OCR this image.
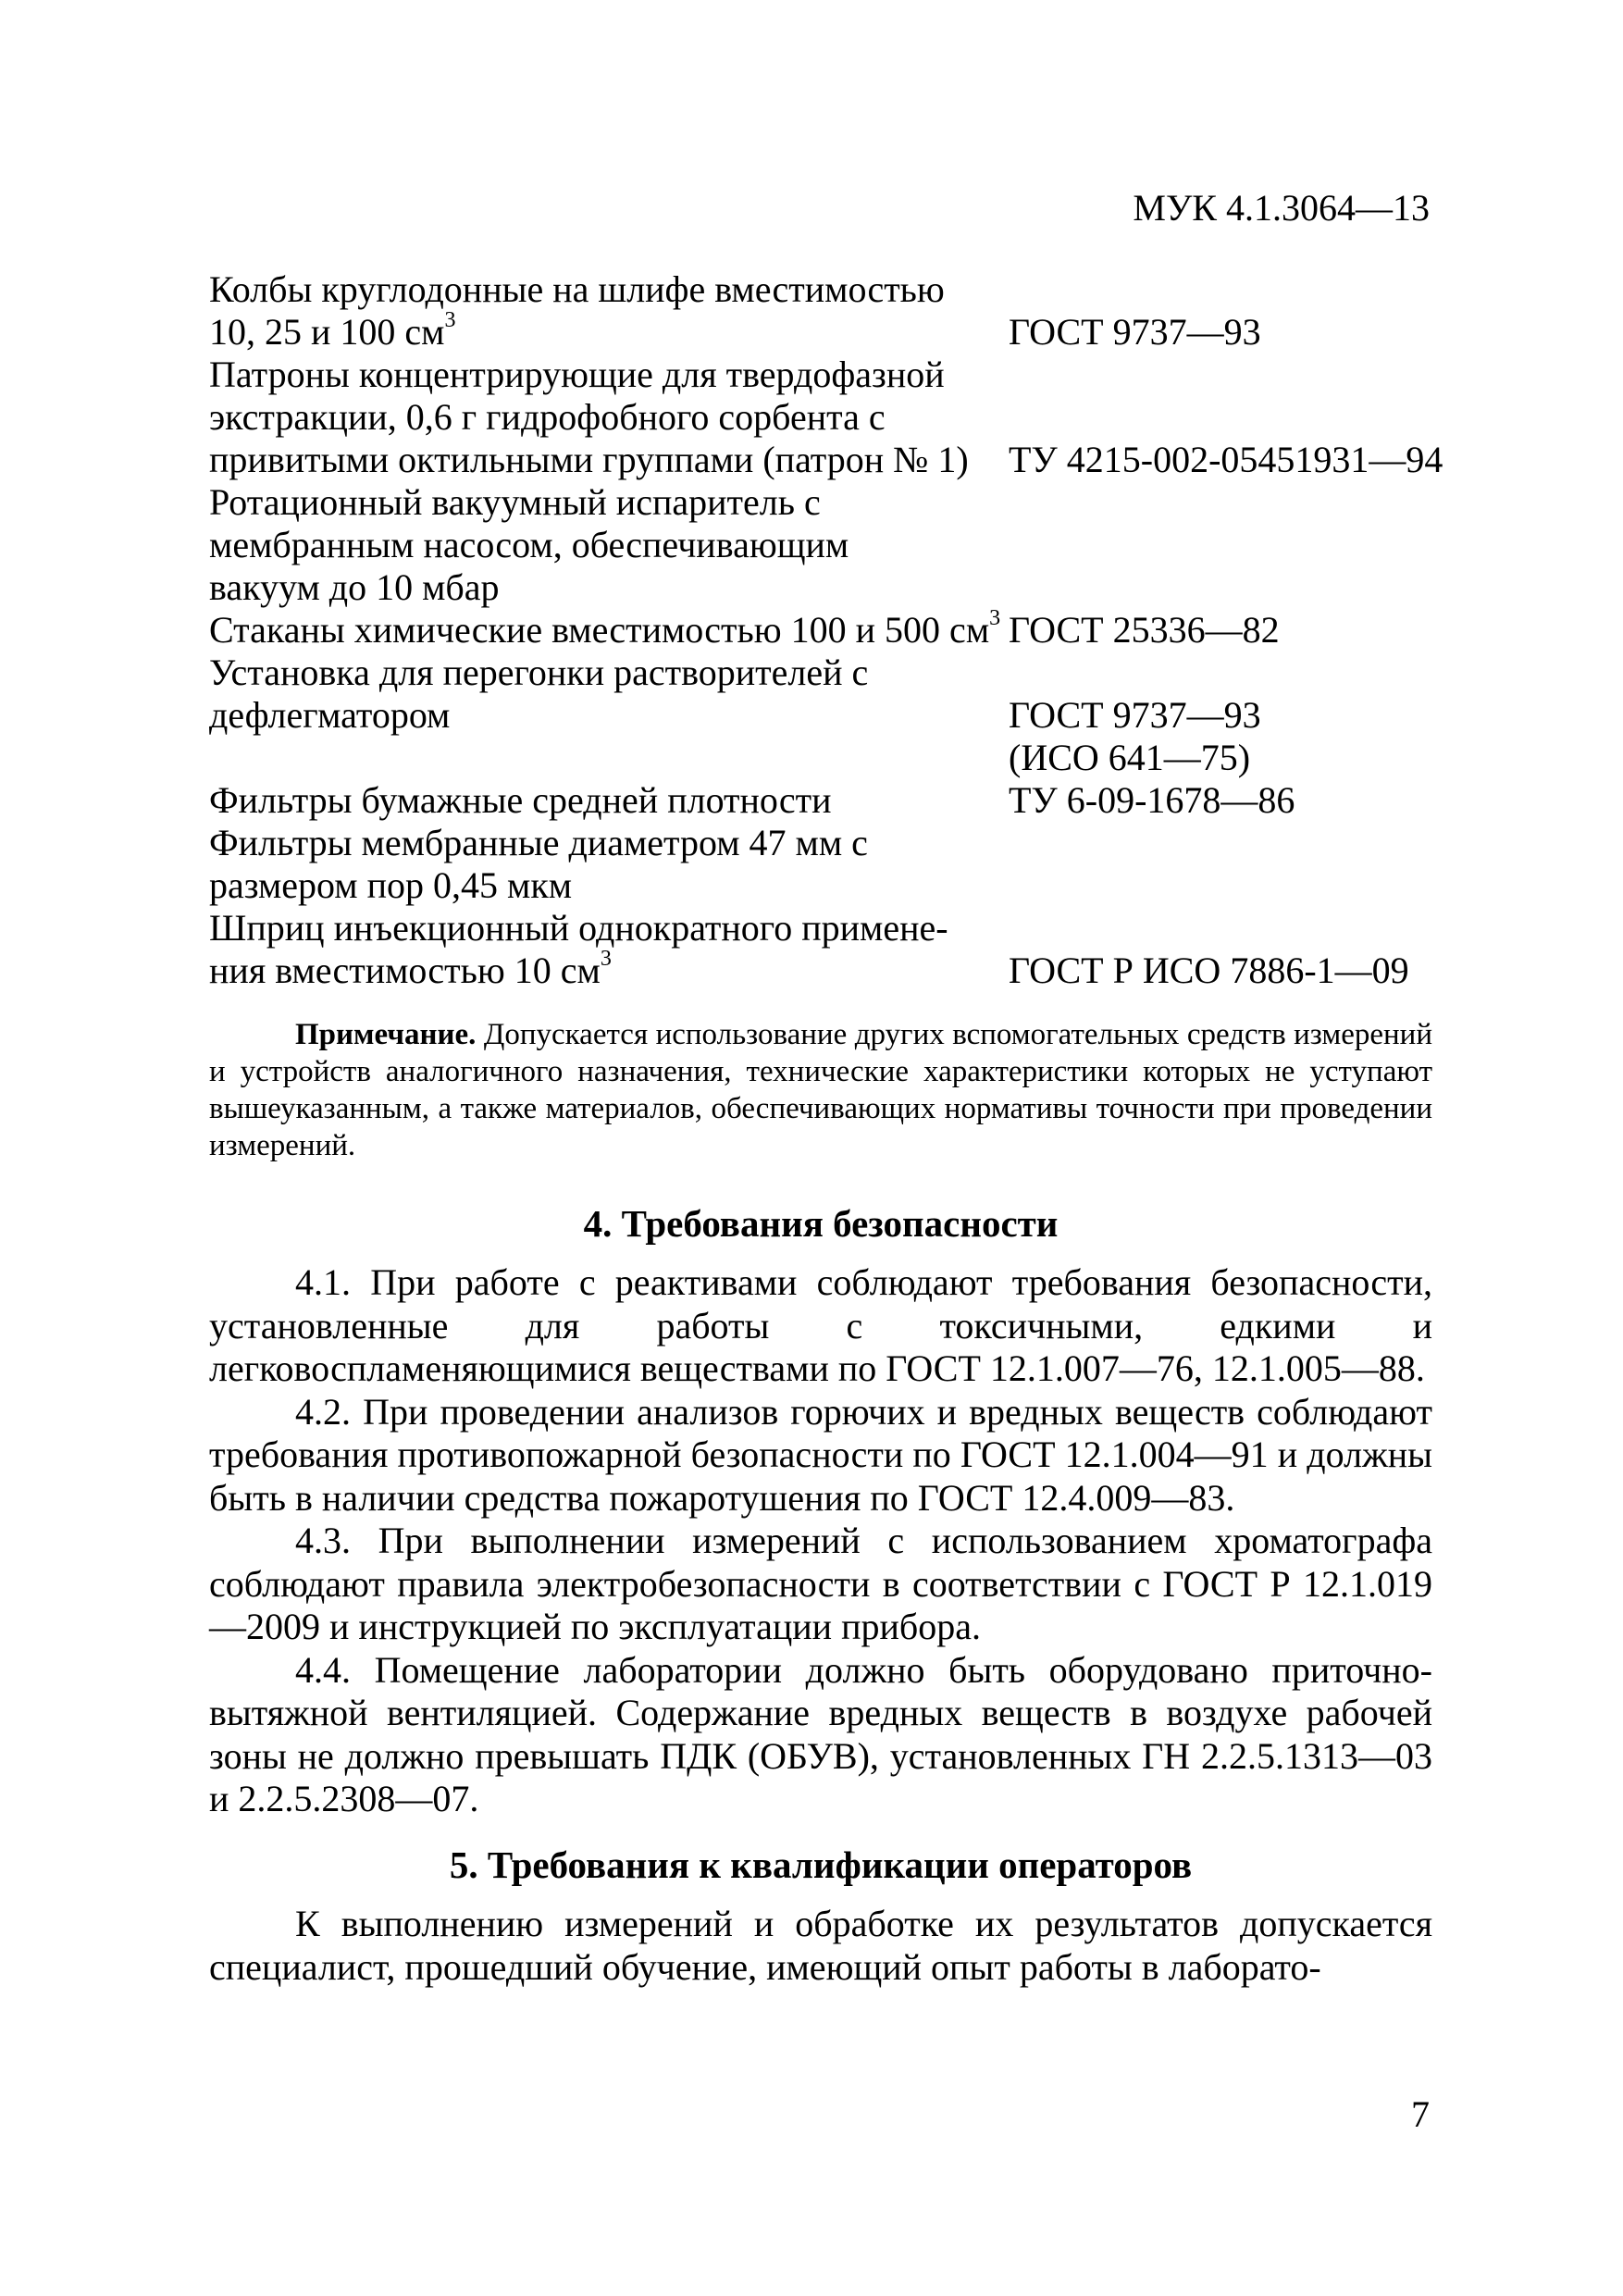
МУК 4.1.3064—13
Колбы круглодонные на шлифе вместимостью
10, 25 и 100 $см^3$	ГОСТ 9737—93
Патроны концентрирующие для твердофазной
экстракции, 0,6 г гидрофобного сорбента с
привитыми октильными группами (патрон № 1)	ТУ 4215-002-05451931—94
Ротационный вакуумный испаритель с
мембранным насосом, обеспечивающим
вакуум до 10 мбар
Стаканы химические вместимостью 100 и 500 $см^3$ ГОСТ 25336—82
Установка для перегонки растворителей с
дефлегматором	ГОСТ 9737—93
(ИСО 641—75)
Фильтры бумажные средней плотности	ТУ 6-09-1678—86
Фильтры мембранные диаметром 47 мм с
размером пор 0,45 мкм
Шприц инъекционный однократного примене-
ния вместимостью 10 $см^3$	ГОСТ Р ИСО 7886-1—09
Примечание. Допускается использование других вспомогательных средств измерений и устройств аналогичного назначения, технические характеристики которых не уступают вышеуказанным, а также материалов, обеспечивающих нормативы точности при проведении измерений.
4. Требования безопасности

4.1. При работе с реактивами соблюдают требования безопасности, установленные для работы с токсичными, едкими и легковоспламеняющимися веществами по ГОСТ 12.1.007—76, 12.1.005—88.

4.2. При проведении анализов горючих и вредных веществ соблюдают требования противопожарной безопасности по ГОСТ 12.1.004—91 и должны быть в наличии средства пожаротушения по ГОСТ 12.4.009—83.

4.3. При выполнении измерений с использованием хроматографа соблюдают правила электробезопасности в соответствии с ГОСТ Р 12.1.019—2009 и инструкцией по эксплуатации прибора.

4.4. Помещение лаборатории должно быть оборудовано приточно-вытяжной вентиляцией. Содержание вредных веществ в воздухе рабочей зоны не должно превышать ПДК (ОБУВ), установленных ГН 2.2.5.1313—03 и 2.2.5.2308—07.

5. Требования к квалификации операторов

К выполнению измерений и обработке их результатов допускается специалист, прошедший обучение, имеющий опыт работы в лаборато-

7
